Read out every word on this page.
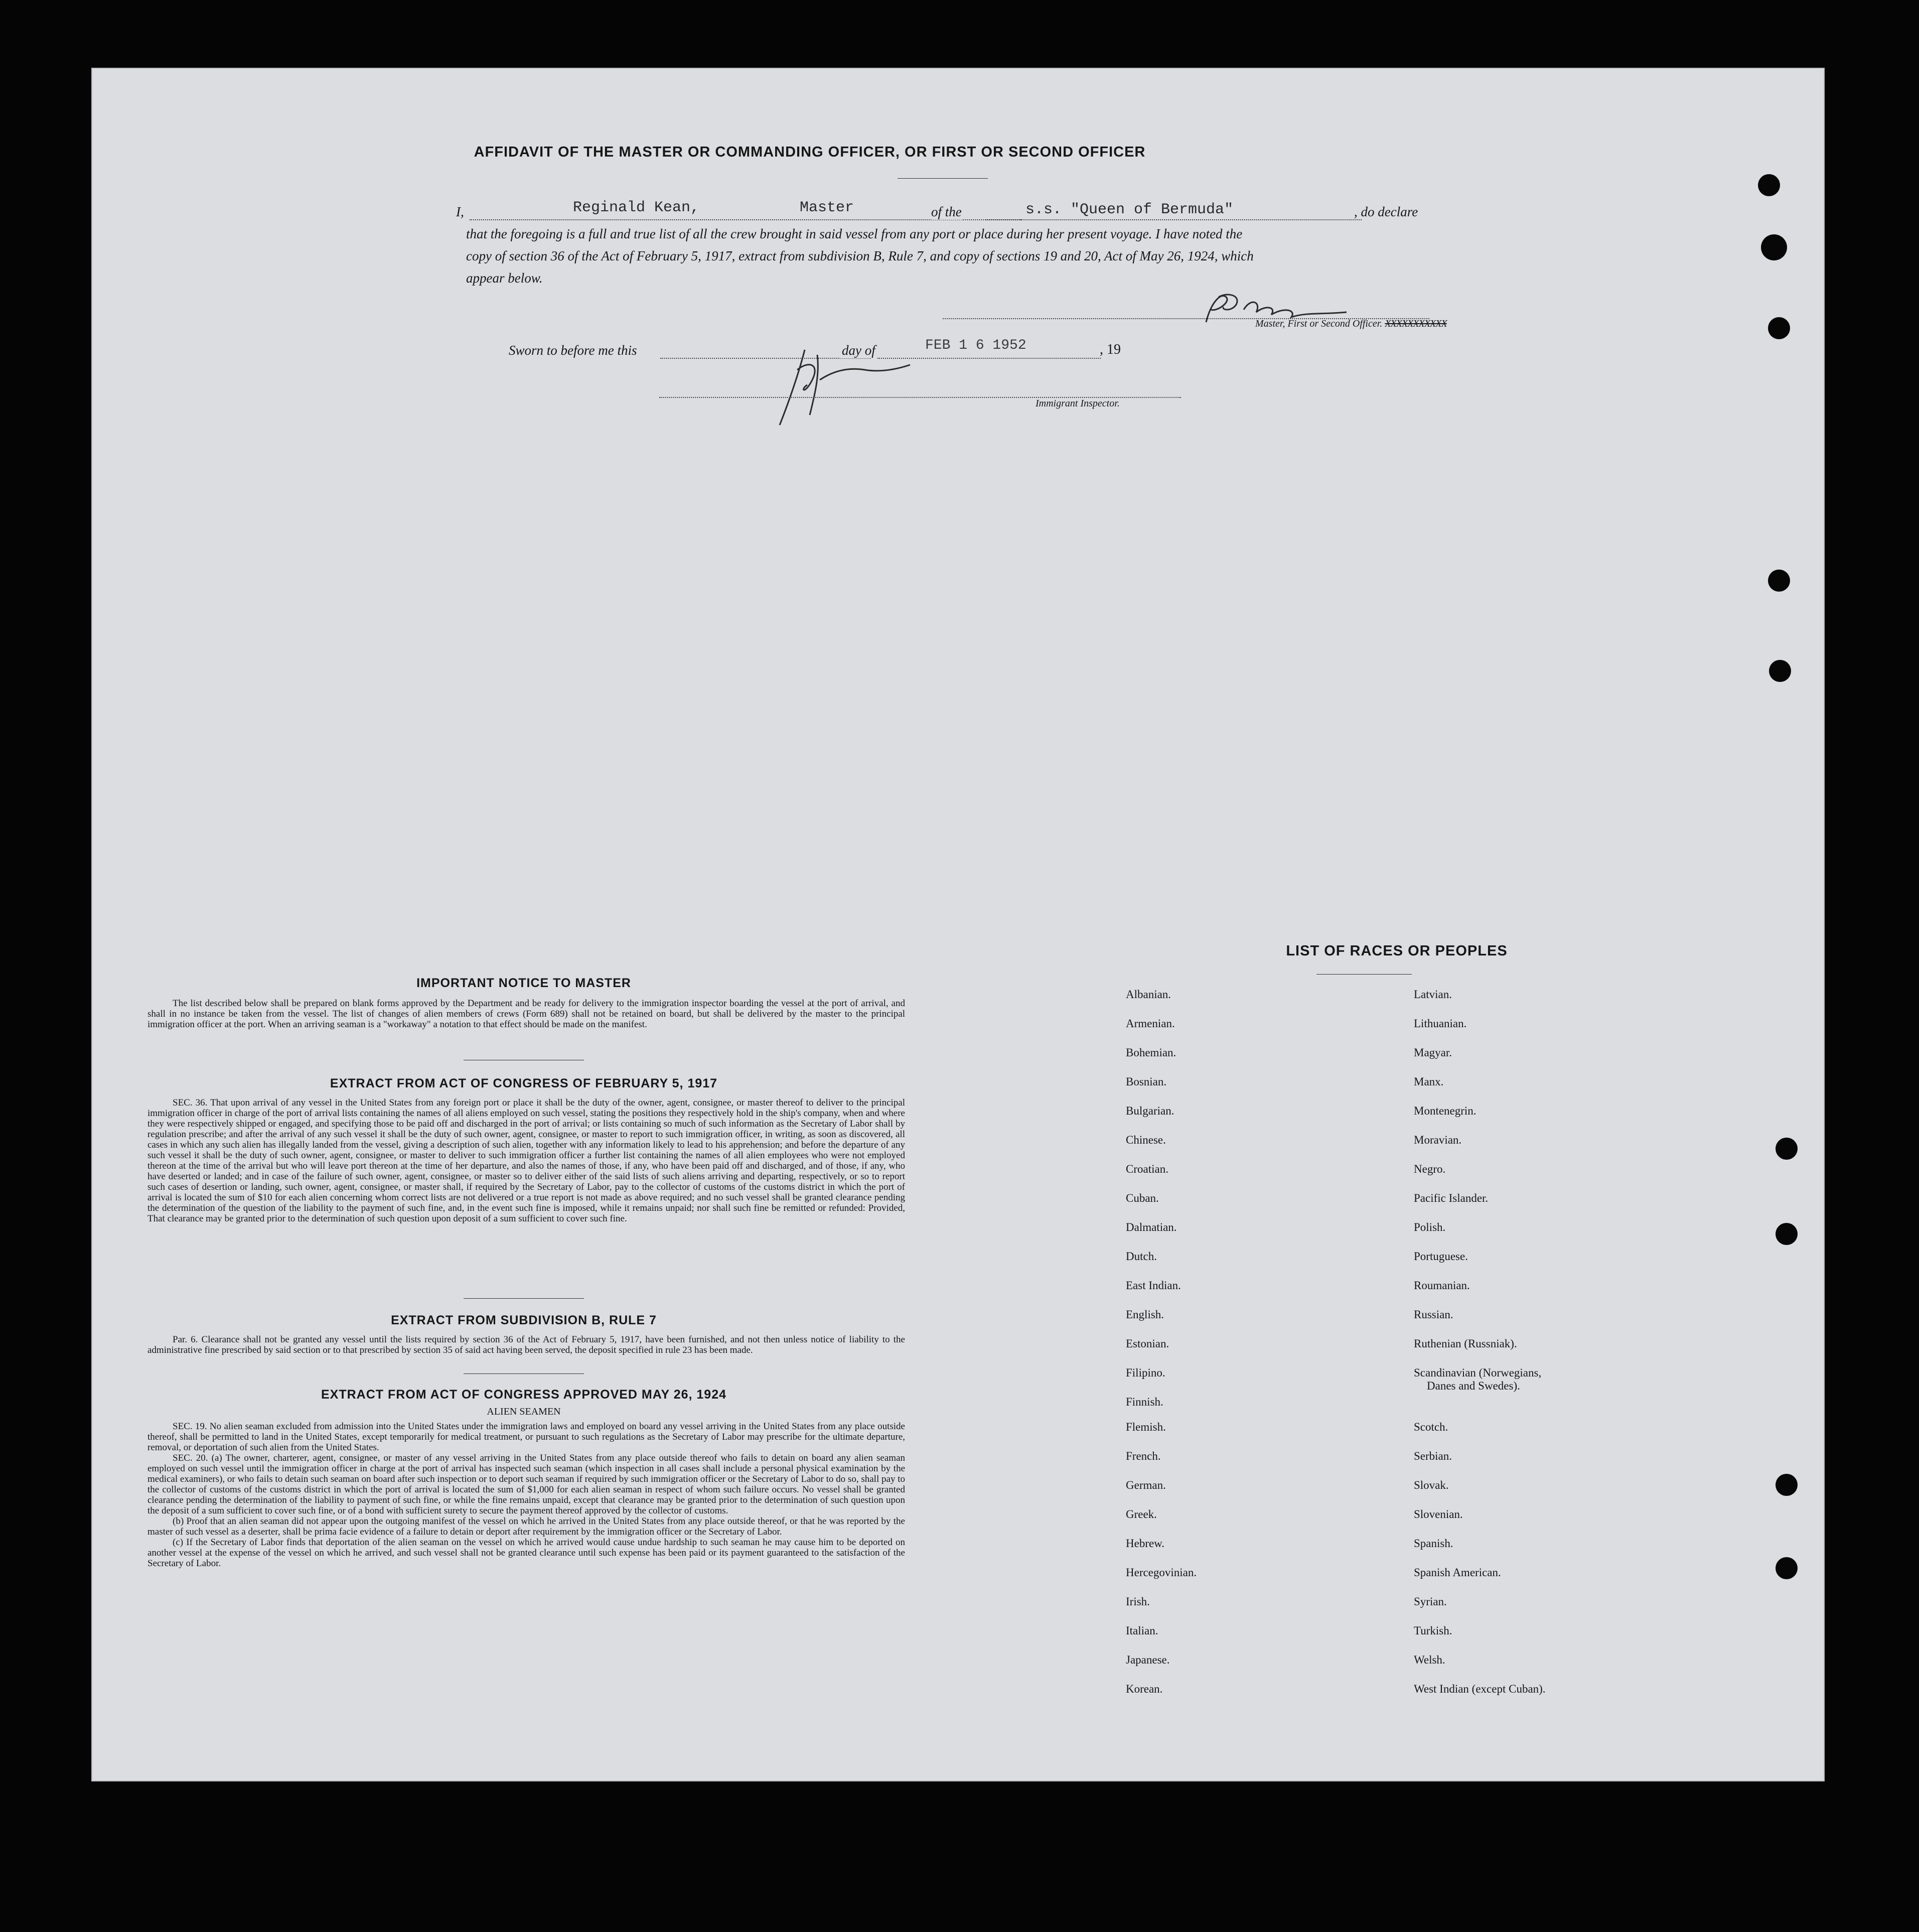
AFFIDAVIT OF THE MASTER OR COMMANDING OFFICER, OR FIRST OR SECOND OFFICER
I,	Reginald Kean,	Master	of the	s.s. "Queen of Bermuda"	, do declare
that the foregoing is a full and true list of all the crew brought in said vessel from any port or place during her present voyage. I have noted the
copy of section 36 of the Act of February 5, 1917, extract from subdivision B, Rule 7, and copy of sections 19 and 20, Act of May 26, 1924, which
appear below.
Master, First or Second Officer. XXXXXXXXXXX
Sworn to before me this	day of	FEB 1 6 1952	, 19
Immigrant Inspector.
IMPORTANT NOTICE TO MASTER

The list described below shall be prepared on blank forms approved by the Department and be ready for delivery to the immigration inspector boarding the vessel at the port of arrival, and shall in no instance be taken from the vessel. The list of changes of alien members of crews (Form 689) shall not be retained on board, but shall be delivered by the master to the principal immigration officer at the port. When an arriving seaman is a "workaway" a notation to that effect should be made on the manifest.

EXTRACT FROM ACT OF CONGRESS OF FEBRUARY 5, 1917

SEC. 36. That upon arrival of any vessel in the United States from any foreign port or place it shall be the duty of the owner, agent, consignee, or master thereof to deliver to the principal immigration officer in charge of the port of arrival lists containing the names of all aliens employed on such vessel, stating the positions they respectively hold in the ship's company, when and where they were respectively shipped or engaged, and specifying those to be paid off and discharged in the port of arrival; or lists containing so much of such information as the Secretary of Labor shall by regulation prescribe; and after the arrival of any such vessel it shall be the duty of such owner, agent, consignee, or master to report to such immigration officer, in writing, as soon as discovered, all cases in which any such alien has illegally landed from the vessel, giving a description of such alien, together with any information likely to lead to his apprehension; and before the departure of any such vessel it shall be the duty of such owner, agent, consignee, or master to deliver to such immigration officer a further list containing the names of all alien employees who were not employed thereon at the time of the arrival but who will leave port thereon at the time of her departure, and also the names of those, if any, who have been paid off and discharged, and of those, if any, who have deserted or landed; and in case of the failure of such owner, agent, consignee, or master so to deliver either of the said lists of such aliens arriving and departing, respectively, or so to report such cases of desertion or landing, such owner, agent, consignee, or master shall, if required by the Secretary of Labor, pay to the collector of customs of the customs district in which the port of arrival is located the sum of $10 for each alien concerning whom correct lists are not delivered or a true report is not made as above required; and no such vessel shall be granted clearance pending the determination of the question of the liability to the payment of such fine, and, in the event such fine is imposed, while it remains unpaid; nor shall such fine be remitted or refunded: Provided, That clearance may be granted prior to the determination of such question upon deposit of a sum sufficient to cover such fine.

EXTRACT FROM SUBDIVISION B, RULE 7

Par. 6. Clearance shall not be granted any vessel until the lists required by section 36 of the Act of February 5, 1917, have been furnished, and not then unless notice of liability to the administrative fine prescribed by said section or to that prescribed by section 35 of said act having been served, the deposit specified in rule 23 has been made.

EXTRACT FROM ACT OF CONGRESS APPROVED MAY 26, 1924
ALIEN SEAMEN

SEC. 19. No alien seaman excluded from admission into the United States under the immigration laws and employed on board any vessel arriving in the United States from any place outside thereof, shall be permitted to land in the United States, except temporarily for medical treatment, or pursuant to such regulations as the Secretary of Labor may prescribe for the ultimate departure, removal, or deportation of such alien from the United States.

SEC. 20. (a) The owner, charterer, agent, consignee, or master of any vessel arriving in the United States from any place outside thereof who fails to detain on board any alien seaman employed on such vessel until the immigration officer in charge at the port of arrival has inspected such seaman (which inspection in all cases shall include a personal physical examination by the medical examiners), or who fails to detain such seaman on board after such inspection or to deport such seaman if required by such immigration officer or the Secretary of Labor to do so, shall pay to the collector of customs of the customs district in which the port of arrival is located the sum of $1,000 for each alien seaman in respect of whom such failure occurs. No vessel shall be granted clearance pending the determination of the liability to payment of such fine, or while the fine remains unpaid, except that clearance may be granted prior to the determination of such question upon the deposit of a sum sufficient to cover such fine, or of a bond with sufficient surety to secure the payment thereof approved by the collector of customs.

(b) Proof that an alien seaman did not appear upon the outgoing manifest of the vessel on which he arrived in the United States from any place outside thereof, or that he was reported by the master of such vessel as a deserter, shall be prima facie evidence of a failure to detain or deport after requirement by the immigration officer or the Secretary of Labor.

(c) If the Secretary of Labor finds that deportation of the alien seaman on the vessel on which he arrived would cause undue hardship to such seaman he may cause him to be deported on another vessel at the expense of the vessel on which he arrived, and such vessel shall not be granted clearance until such expense has been paid or its payment guaranteed to the satisfaction of the Secretary of Labor.

LIST OF RACES OR PEOPLES
Albanian.
Armenian.
Bohemian.
Bosnian.
Bulgarian.
Chinese.
Croatian.
Cuban.
Dalmatian.
Dutch.
East Indian.
English.
Estonian.
Filipino.
Finnish.
Flemish.
French.
German.
Greek.
Hebrew.
Hercegovinian.
Irish.
Italian.
Japanese.
Korean.
Latvian.
Lithuanian.
Magyar.
Manx.
Montenegrin.
Moravian.
Negro.
Pacific Islander.
Polish.
Portuguese.
Roumanian.
Russian.
Ruthenian (Russniak).
Scandinavian (Norwegians,
Danes and Swedes).
Scotch.
Serbian.
Slovak.
Slovenian.
Spanish.
Spanish American.
Syrian.
Turkish.
Welsh.
West Indian (except Cuban).
